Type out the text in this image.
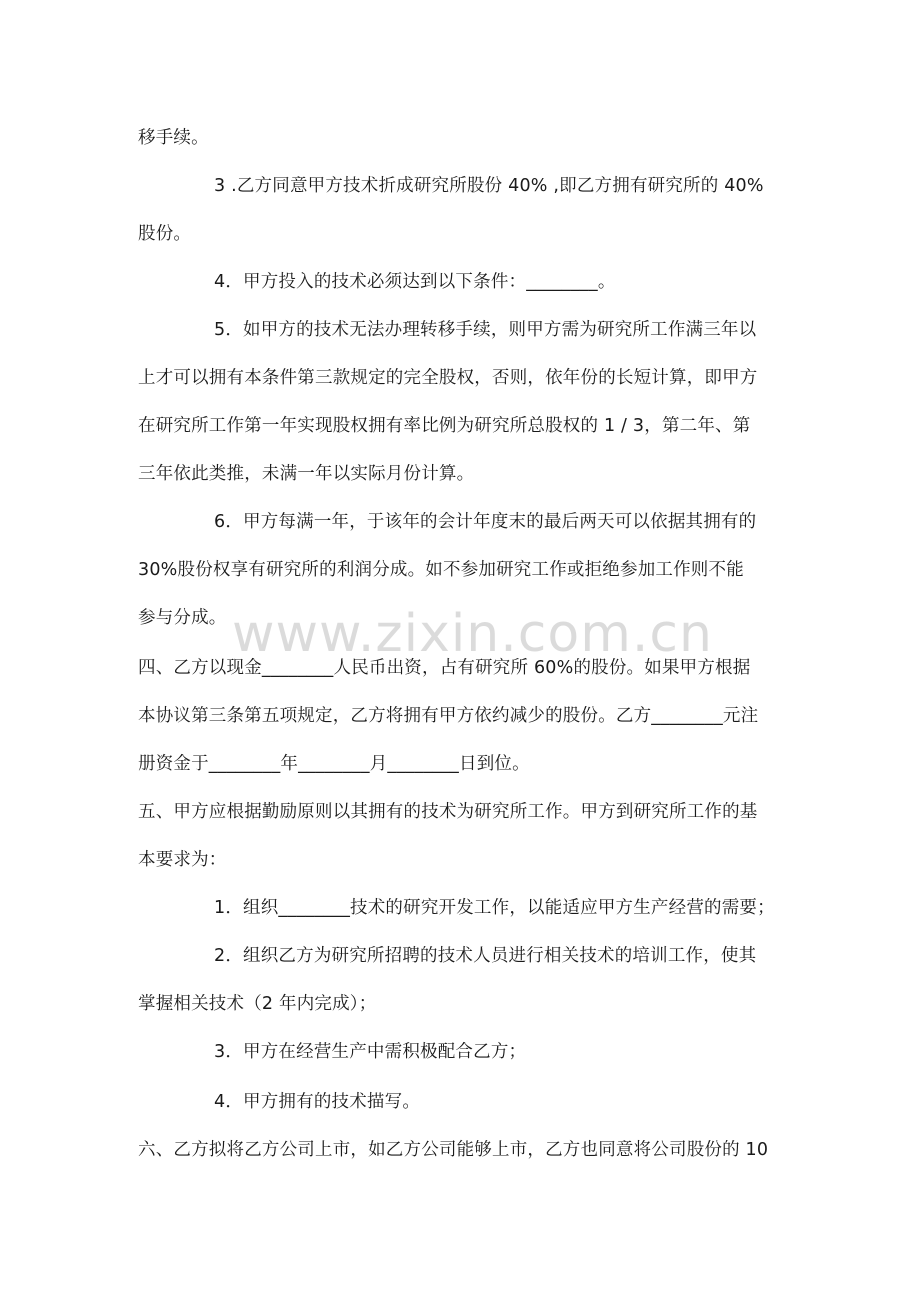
移手续。
3 .乙方同意甲方技术折成研究所股份 40% ,即乙方拥有研究所的 40%
股份。
4．甲方投入的技术必须达到以下条件：________。
5．如甲方的技术无法办理转移手续，则甲方需为研究所工作满三年以
上才可以拥有本条件第三款规定的完全股权，否则，依年份的长短计算，即甲方
在研究所工作第一年实现股权拥有率比例为研究所总股权的 1 / 3，第二年、第
三年依此类推，未满一年以实际月份计算。
6．甲方每满一年，于该年的会计年度末的最后两天可以依据其拥有的
30%股份权享有研究所的利润分成。如不参加研究工作或拒绝参加工作则不能
参与分成。
四、乙方以现金________人民币出资，占有研究所 60%的股份。如果甲方根据
本协议第三条第五项规定，乙方将拥有甲方依约减少的股份。乙方________元注
册资金于________年________月________日到位。
五、甲方应根据勤励原则以其拥有的技术为研究所工作。甲方到研究所工作的基
本要求为：
1．组织________技术的研究开发工作，以能适应甲方生产经营的需要；
2．组织乙方为研究所招聘的技术人员进行相关技术的培训工作，使其
掌握相关技术（2 年内完成）；
3．甲方在经营生产中需积极配合乙方；
4．甲方拥有的技术描写。
六、乙方拟将乙方公司上市，如乙方公司能够上市，乙方也同意将公司股份的 10
www.zixin.com.cn
